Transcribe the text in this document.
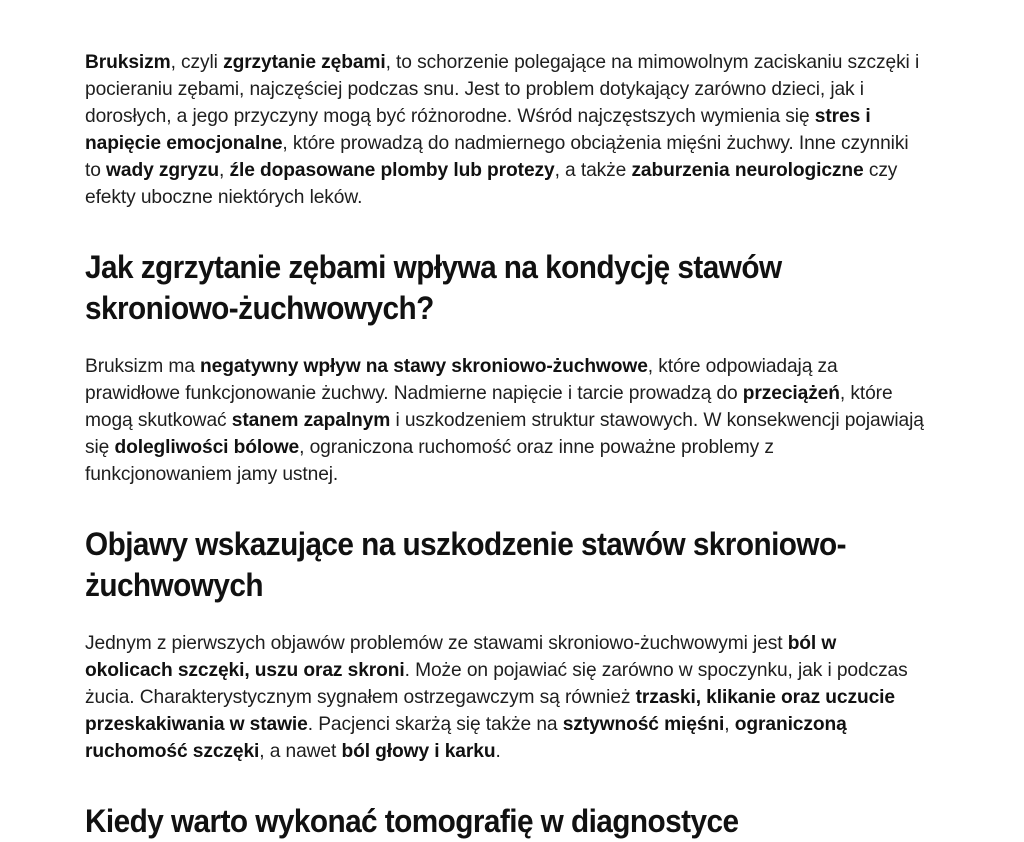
Bruksizm, czyli zgrzytanie zębami, to schorzenie polegające na mimowolnym zaciskaniu szczęki i pocieraniu zębami, najczęściej podczas snu. Jest to problem dotykający zarówno dzieci, jak i dorosłych, a jego przyczyny mogą być różnorodne. Wśród najczęstszych wymienia się stres i napięcie emocjonalne, które prowadzą do nadmiernego obciążenia mięśni żuchwy. Inne czynniki to wady zgryzu, źle dopasowane plomby lub protezy, a także zaburzenia neurologiczne czy efekty uboczne niektórych leków.

Jak zgrzytanie zębami wpływa na kondycję stawów skroniowo-żuchwowych?

Bruksizm ma negatywny wpływ na stawy skroniowo-żuchwowe, które odpowiadają za prawidłowe funkcjonowanie żuchwy. Nadmierne napięcie i tarcie prowadzą do przeciążeń, które mogą skutkować stanem zapalnym i uszkodzeniem struktur stawowych. W konsekwencji pojawiają się dolegliwości bólowe, ograniczona ruchomość oraz inne poważne problemy z funkcjonowaniem jamy ustnej.

Objawy wskazujące na uszkodzenie stawów skroniowo-żuchwowych

Jednym z pierwszych objawów problemów ze stawami skroniowo-żuchwowymi jest ból w okolicach szczęki, uszu oraz skroni. Może on pojawiać się zarówno w spoczynku, jak i podczas żucia. Charakterystycznym sygnałem ostrzegawczym są również trzaski, klikanie oraz uczucie przeskakiwania w stawie. Pacjenci skarżą się także na sztywność mięśni, ograniczoną ruchomość szczęki, a nawet ból głowy i karku.

Kiedy warto wykonać tomografię w diagnostyce
